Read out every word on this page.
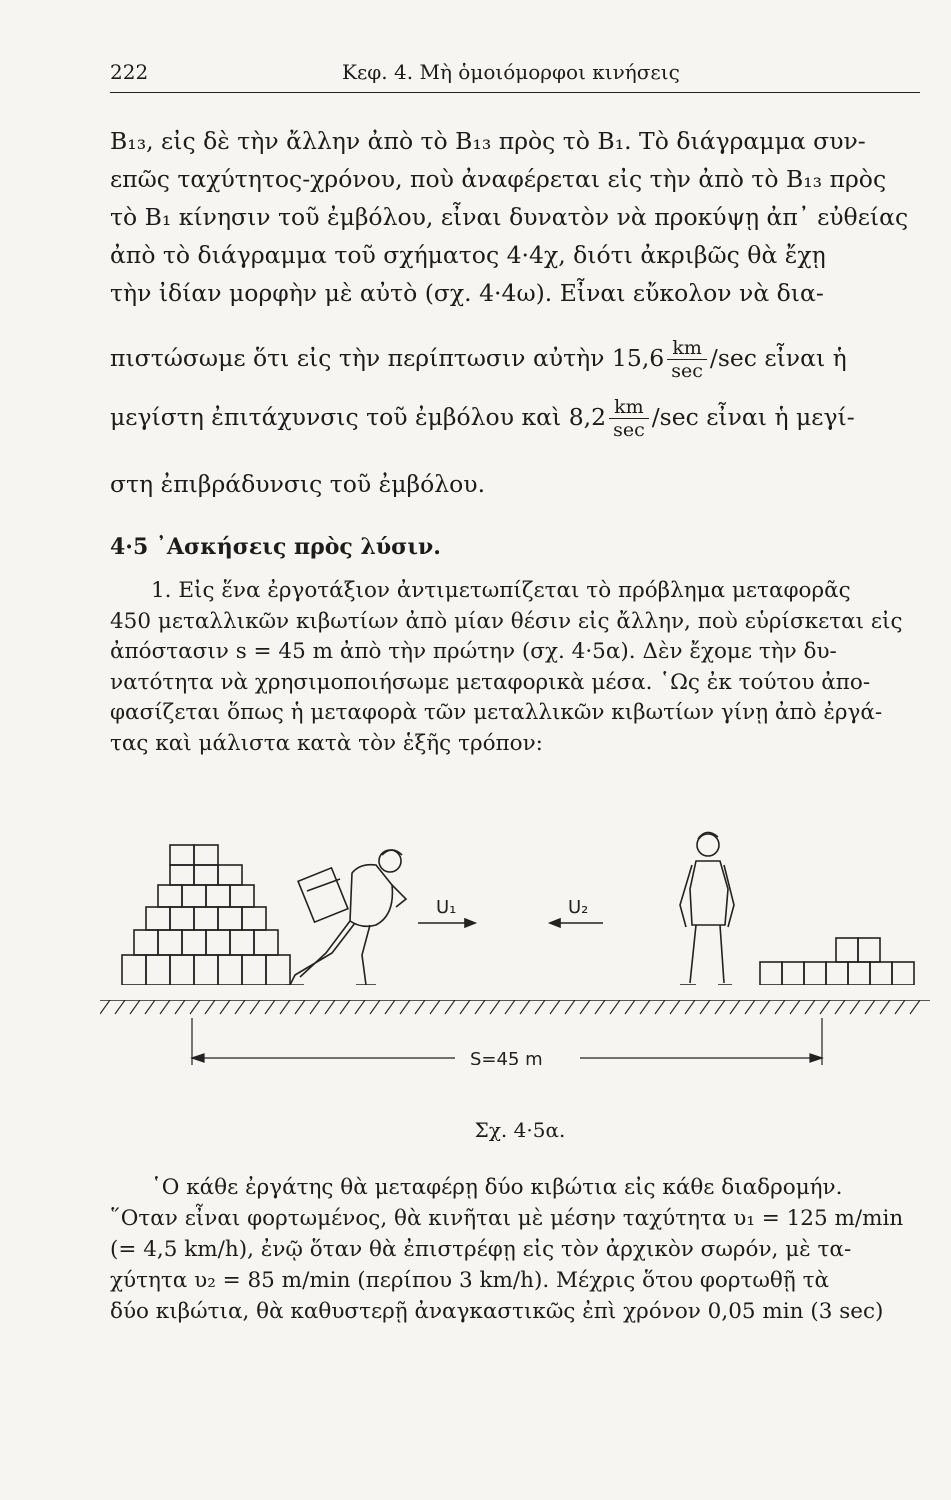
222	Κεφ. 4. Μὴ ὁμοιόμορφοι κινήσεις
B₁₃, εἰς δὲ τὴν ἄλλην ἀπὸ τὸ B₁₃ πρὸς τὸ B₁. Τὸ διάγραμμα συν-
επῶς ταχύτητος-χρόνου, ποὺ ἀναφέρεται εἰς τὴν ἀπὸ τὸ B₁₃ πρὸς
τὸ B₁ κίνησιν τοῦ ἐμβόλου, εἶναι δυνατὸν νὰ προκύψῃ ἀπ᾿ εὐθείας
ἀπὸ τὸ διάγραμμα τοῦ σχήματος 4·4χ, διότι ἀκριβῶς θὰ ἔχῃ
τὴν ἰδίαν μορφὴν μὲ αὐτὸ (σχ. 4·4ω). Εἶναι εὔκολον νὰ δια-
πιστώσωμε ὅτι εἰς τὴν περίπτωσιν αὐτὴν $15,6 \frac{km}{\sec} /\sec$ εἶναι ἡ
μεγίστη ἐπιτάχυνσις τοῦ ἐμβόλου καὶ $8,2 \frac{km}{\sec} /\sec$ εἶναι ἡ μεγί-
στη ἐπιβράδυνσις τοῦ ἐμβόλου.
4·5 ᾿Ασκήσεις πρὸς λύσιν.
1. Εἰς ἕνα ἐργοτάξιον ἀντιμετωπίζεται τὸ πρόβλημα μεταφορᾶς
450 μεταλλικῶν κιβωτίων ἀπὸ μίαν θέσιν εἰς ἄλλην, ποὺ εὑρίσκεται εἰς
ἀπόστασιν s = 45 m ἀπὸ τὴν πρώτην (σχ. 4·5α). Δὲν ἔχομε τὴν δυ-
νατότητα νὰ χρησιμοποιήσωμε μεταφορικὰ μέσα. ῾Ως ἐκ τούτου ἀπο-
φασίζεται ὅπως ἡ μεταφορὰ τῶν μεταλλικῶν κιβωτίων γίνῃ ἀπὸ ἐργά-
τας καὶ μάλιστα κατὰ τὸν ἑξῆς τρόπον:
U₁	U₂
S=45 m
Σχ. 4·5α.
῾Ο κάθε ἐργάτης θὰ μεταφέρῃ δύο κιβώτια εἰς κάθε διαδρομήν.
῞Οταν εἶναι φορτωμένος, θὰ κινῆται μὲ μέσην ταχύτητα υ₁ = 125 m/min
(= 4,5 km/h), ἐνῷ ὅταν θὰ ἐπιστρέφῃ εἰς τὸν ἀρχικὸν σωρόν, μὲ τα-
χύτητα υ₂ = 85 m/min (περίπου 3 km/h). Μέχρις ὅτου φορτωθῇ τὰ
δύο κιβώτια, θὰ καθυστερῇ ἀναγκαστικῶς ἐπὶ χρόνον 0,05 min (3 sec)
